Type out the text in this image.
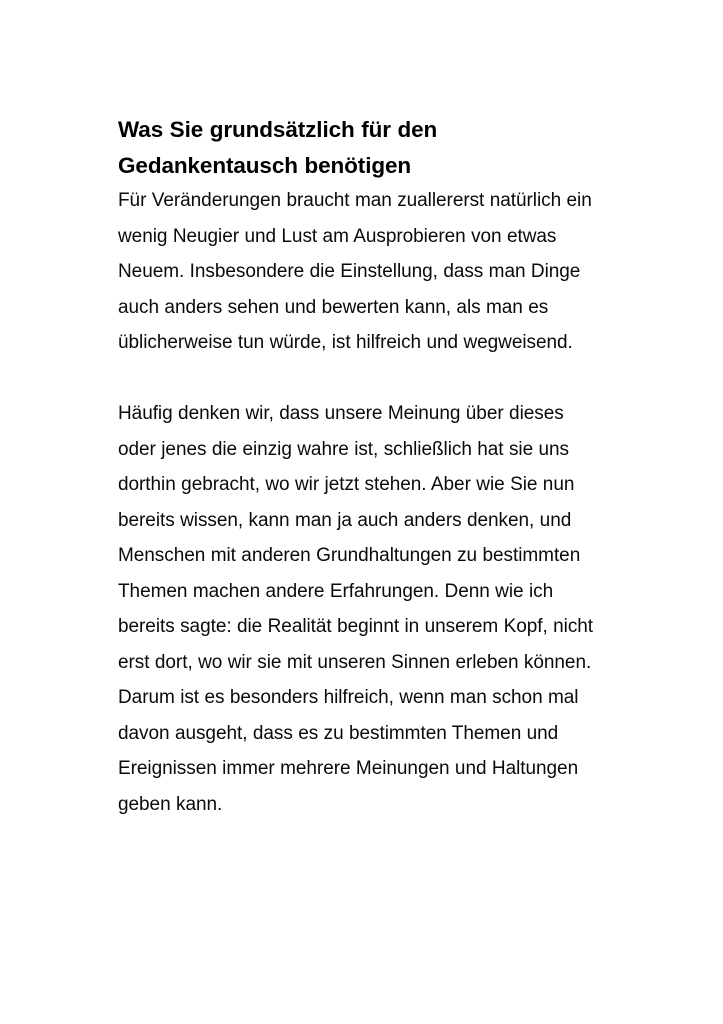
Was Sie grundsätzlich für den Gedankentausch benötigen

Für Veränderungen braucht man zuallererst natürlich ein wenig Neugier und Lust am Ausprobieren von etwas Neuem. Insbesondere die Einstellung, dass man Dinge auch anders sehen und bewerten kann, als man es üblicherweise tun würde, ist hilfreich und wegweisend.

Häufig denken wir, dass unsere Meinung über dieses oder jenes die einzig wahre ist, schließlich hat sie uns dorthin gebracht, wo wir jetzt stehen. Aber wie Sie nun bereits wissen, kann man ja auch anders denken, und Menschen mit anderen Grundhaltungen zu bestimmten Themen machen andere Erfahrungen. Denn wie ich bereits sagte: die Realität beginnt in unserem Kopf, nicht erst dort, wo wir sie mit unseren Sinnen erleben können. Darum ist es besonders hilfreich, wenn man schon mal davon ausgeht, dass es zu bestimmten Themen und Ereignissen immer mehrere Meinungen und Haltungen geben kann.
